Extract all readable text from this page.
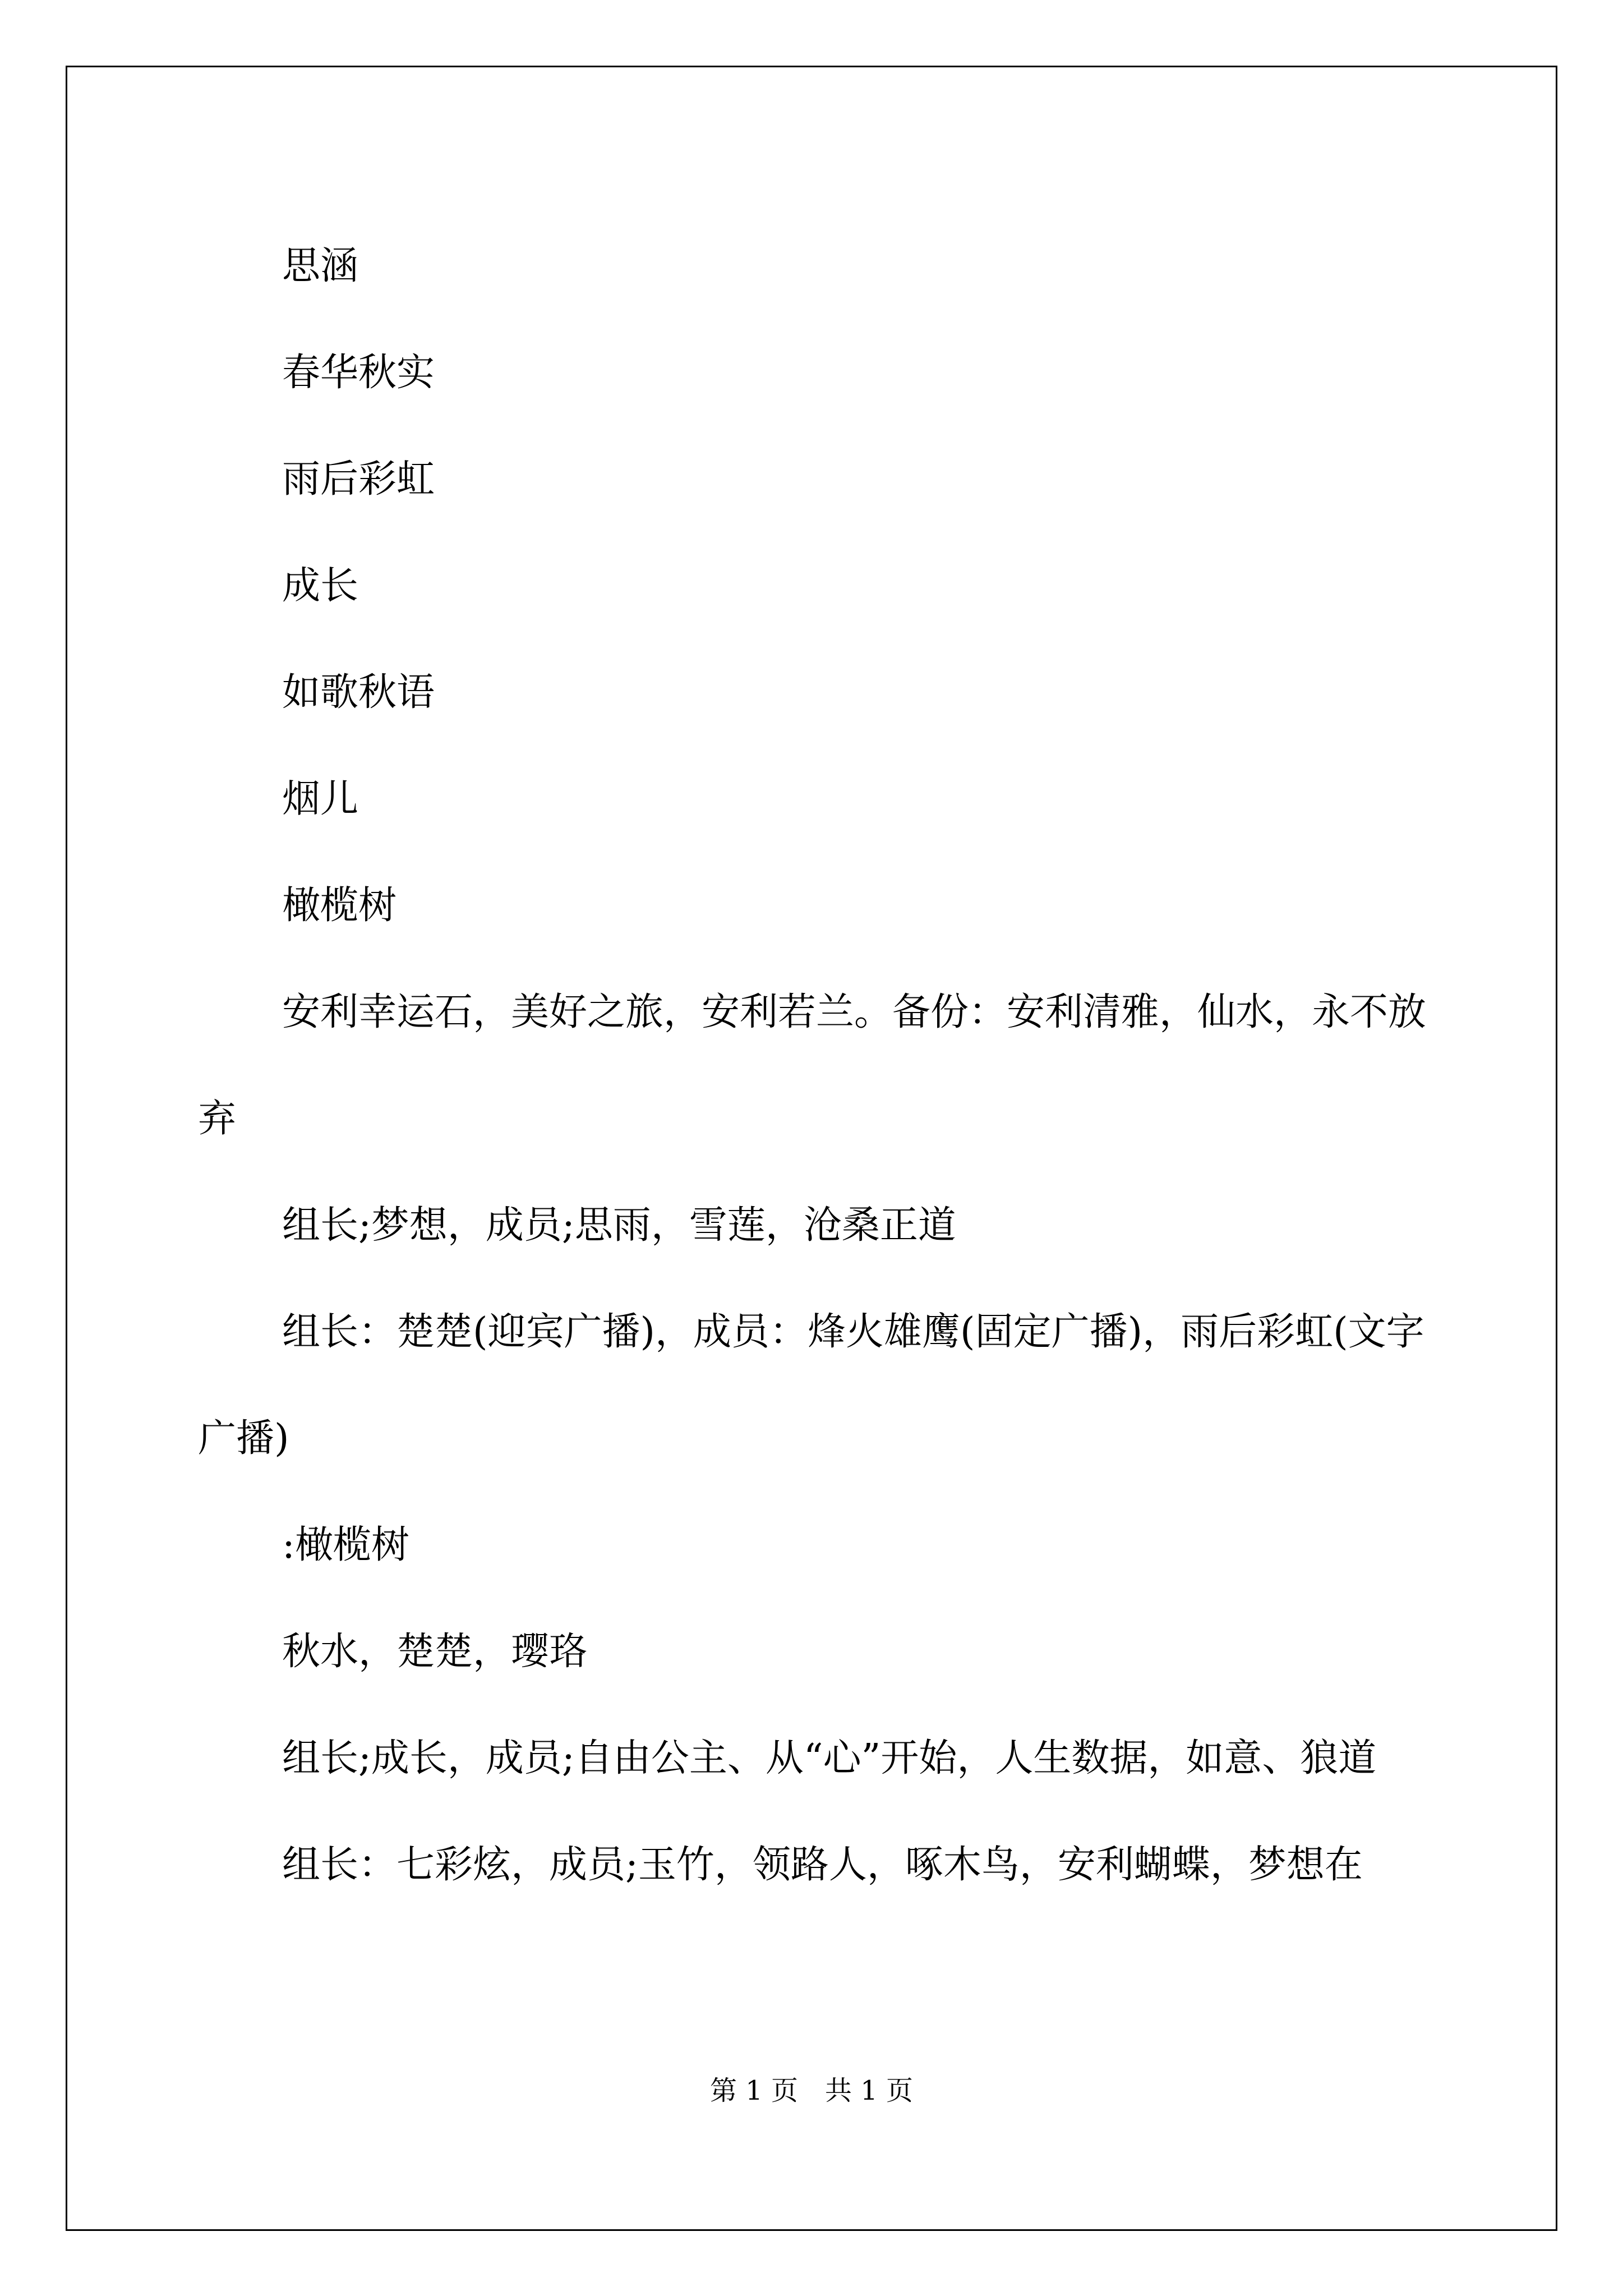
思涵

春华秋实

雨后彩虹

成长

如歌秋语

烟儿

橄榄树

安利幸运石，美好之旅，安利若兰。备份：安利清雅，仙水，永不放弃

组长;梦想，成员;思雨，雪莲，沧桑正道

组长：楚楚(迎宾广播)，成员：烽火雄鹰(固定广播)，雨后彩虹(文字广播)

:橄榄树

秋水，楚楚，璎珞

组长;成长，成员;自由公主、从“心”开始，人生数据，如意、狼道

组长：七彩炫，成员;玉竹，领路人，啄木鸟，安利蝴蝶，梦想在

第 1 页　共 1 页
